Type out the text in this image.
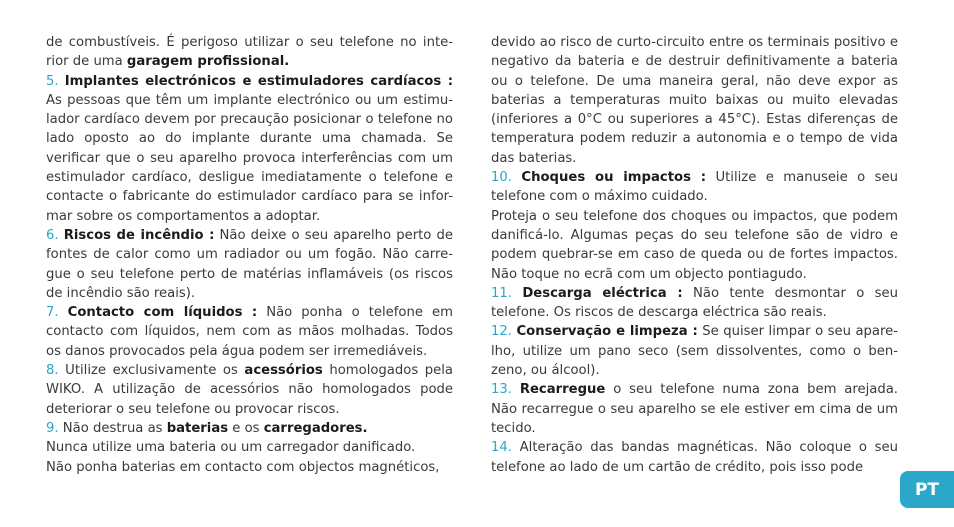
de combustíveis. É perigoso utilizar o seu telefone no inte-rior de uma garagem profissional.

5. Implantes electrónicos e estimuladores cardíacos : As pessoas que têm um implante electrónico ou um estimu-lador cardíaco devem por precaução posicionar o telefone no lado oposto ao do implante durante uma chamada. Se verificar que o seu aparelho provoca interferências com um estimulador cardíaco, desligue imediatamente o telefone e contacte o fabricante do estimulador cardíaco para se infor-mar sobre os comportamentos a adoptar.

6. Riscos de incêndio : Não deixe o seu aparelho perto de fontes de calor como um radiador ou um fogão. Não carre-gue o seu telefone perto de matérias inflamáveis (os riscos de incêndio são reais).

7. Contacto com líquidos : Não ponha o telefone em contacto com líquidos, nem com as mãos molhadas. Todos os danos provocados pela água podem ser irremediáveis.

8. Utilize exclusivamente os acessórios homologados pela WIKO. A utilização de acessórios não homologados pode deteriorar o seu telefone ou provocar riscos.

9. Não destrua as baterias e os carregadores.

Nunca utilize uma bateria ou um carregador danificado.

Não ponha baterias em contacto com objectos magnéticos,

devido ao risco de curto-circuito entre os terminais positivo e negativo da bateria e de destruir definitivamente a bateria ou o telefone. De uma maneira geral, não deve expor as baterias a temperaturas muito baixas ou muito elevadas (inferiores a 0°C ou superiores a 45°C). Estas diferenças de temperatura podem reduzir a autonomia e o tempo de vida das baterias.

10. Choques ou impactos : Utilize e manuseie o seu telefone com o máximo cuidado.

Proteja o seu telefone dos choques ou impactos, que podem danificá-lo. Algumas peças do seu telefone são de vidro e podem quebrar-se em caso de queda ou de fortes impactos. Não toque no ecrã com um objecto pontiagudo.

11. Descarga eléctrica : Não tente desmontar o seu telefone. Os riscos de descarga eléctrica são reais.

12. Conservação e limpeza : Se quiser limpar o seu apare-lho, utilize um pano seco (sem dissolventes, como o ben-zeno, ou álcool).

13. Recarregue o seu telefone numa zona bem arejada. Não recarregue o seu aparelho se ele estiver em cima de um tecido.

14. Alteração das bandas magnéticas. Não coloque o seu telefone ao lado de um cartão de crédito, pois isso pode

PT
